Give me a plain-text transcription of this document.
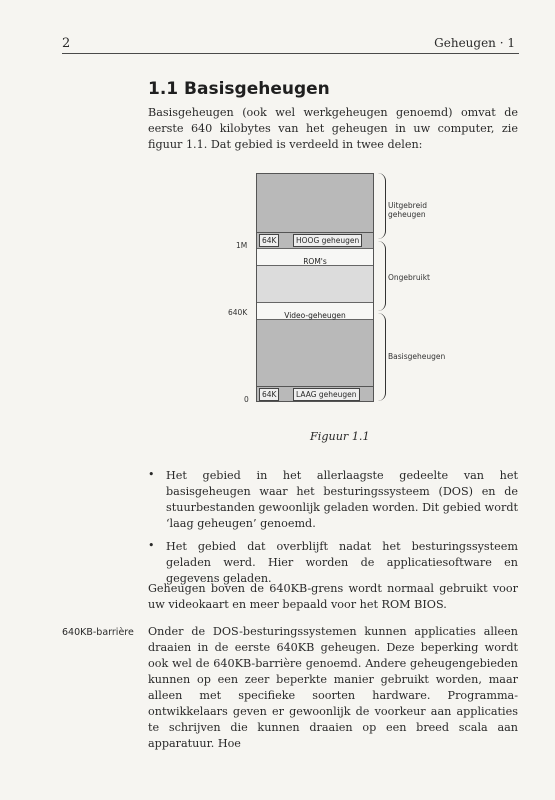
2	Geheugen · 1
1.1 Basisgeheugen
Basisgeheugen (ook wel werkgeheugen genoemd) omvat de eerste 640 kilobytes van het geheugen in uw computer, zie figuur 1.1. Dat gebied is verdeeld in twee delen:
64K	HOOG geheugen
ROM's
Video-geheugen
64K	LAAG geheugen
1M
640K
0
Uitgebreid geheugen
Ongebruikt
Basisgeheugen
Figuur 1.1
• Het gebied in het allerlaagste gedeelte van het basisgeheugen waar het besturingssysteem (DOS) en de stuurbestanden gewoonlijk geladen worden. Dit gebied wordt ‘laag geheugen’ genoemd.
• Het gebied dat overblijft nadat het besturingssysteem geladen werd. Hier worden de applicatiesoftware en gegevens geladen.
Geheugen boven de 640KB-grens wordt normaal gebruikt voor uw videokaart en meer bepaald voor het ROM BIOS.
640KB-barrière Onder de DOS-besturingssystemen kunnen applicaties alleen draaien in de eerste 640KB geheugen. Deze beperking wordt ook wel de 640KB-barrière genoemd. Andere geheugengebieden kunnen op een zeer beperkte manier gebruikt worden, maar alleen met specifieke soorten hardware. Programma-ontwikkelaars geven er gewoonlijk de voorkeur aan applicaties te schrijven die kunnen draaien op een breed scala aan apparatuur. Hoe
